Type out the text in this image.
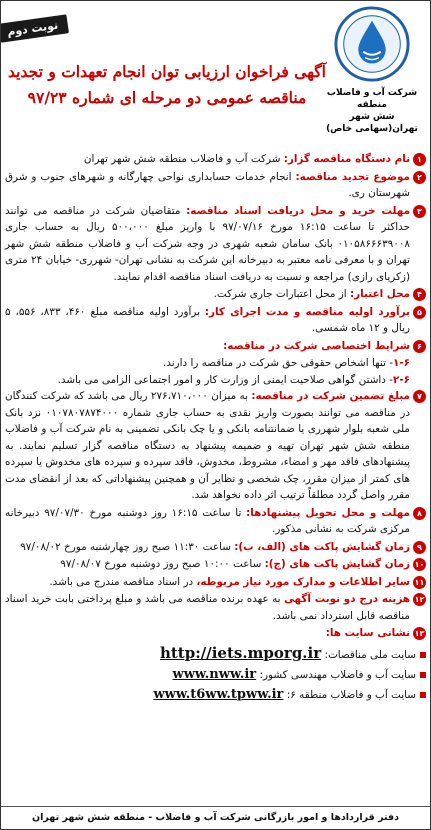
نوبت دوم
شرکت آب و فاضلاب منطقه
شش شهر تهران(سهامی خاص)
آگهی فراخوان ارزیابی توان انجام تعهدات و تجدید
مناقصه عمومی دو مرحله ای شماره ۹۷/۲۳
۱
نام دستگاه مناقصه گزار: شرکت آب و فاضلاب منطقه شش شهر تهران
۲
موضوع تجدید مناقصه: انجام خدمات حسابداری نواحی چهارگانه و شهرهای جنوب و شرق شهرستان ری.
۳
مهلت خرید و محل دریافت اسناد مناقصه: متقاضیان شرکت در مناقصه می توانند حداکثر تا ساعت ۱۶:۱۵ مورخ ۹۷/۰۷/۱۶ با واریز مبلغ ۵۰۰،۰۰۰ ریال به حساب جاری ۰۱۰۵۸۶۶۶۳۹۰۰۸ بانک سامان شعبه شهری در وجه شرکت آب و فاضلاب منطقه شش شهر تهران و با معرفی نامه معتبر به دبیرخانه این شرکت به نشانی تهران- شهرری- خیابان ۲۴ متری (زکریای رازی) مراجعه و نسبت به دریافت اسناد مناقصه اقدام نمایند.
۴
محل اعتبار: از محل اعتبارات جاری شرکت.
۵
برآورد اولیه مناقصه و مدت اجرای کار: برآورد اولیه مناقصه مبلغ ۴۶۰، ۸۳۳، ۵۵۶، ۵ ریال و ۱۲ ماه شمسی.
۶
شرایط اختصاصی شرکت در مناقصه:
۱-۶- تنها اشخاص حقوقی حق شرکت در مناقصه را دارند.
۲-۶- داشتن گواهی صلاحیت ایمنی از وزارت کار و امور اجتماعی الزامی می باشد.
۷
مبلغ تضمین شرکت در مناقصه: به میزان ۲۷۶،۷۱۰،۰۰۰ ریال می باشد که شرکت کنندگان در مناقصه می توانند بصورت واریز نقدی به حساب جاری شماره ۰۱۰۷۸۰۷۸۷۴۰۰۰ نزد بانک ملی شعبه بلوار شهرری یا ضمانتنامه بانکی و یا چک بانکی تضمینی به نام شرکت آب و فاضلاب منطقه شش شهر تهران تهیه و ضمیمه پیشنهاد به دستگاه مناقصه گزار تسلیم نمایند. به پیشنهادهای فاقد مهر و امضاء، مشروط، مخدوش، فاقد سپرده و سپرده های مخدوش یا سپرده های کمتر از میزان مقرر، چک شخصی و نظایر آن و همچنین پیشنهاداتی که بعد از انقضای مدت مقرر واصل گردد مطلقاً ترتیب اثر داده نخواهد شد.
۸
مهلت و محل تحویل پیشنهادها: تا ساعت ۱۶:۱۵ روز دوشنبه مورخ ۹۷/۰۷/۳۰ دبیرخانه مرکزی شرکت به نشانی مذکور.
۹
زمان گشایش پاکت های (الف، ب): ساعت ۱۱:۳۰ صبح روز چهارشنبه مورخ ۹۷/۰۸/۰۲
۱۰
زمان گشایش پاکت های (ج): ساعت ۱۰:۰۰ صبح روز دوشنبه مورخ ۹۷/۰۸/۰۷
۱۱
سایر اطلاعات و مدارک مورد نیاز مربوطه، در اسناد مناقصه مندرج می باشد.
۱۲
هزینه درج دو نوبت آگهی به عهده برنده مناقصه می باشد و مبلغ پرداختی بابت خرید اسناد مناقصه قابل استرداد نمی باشد.
۱۳
نشانی سایت ها:
سایت ملی مناقصات: http://iets.mporg.ir
سایت آب و فاضلاب مهندسی کشور: www.nww.ir
سایت آب و فاضلاب منطقه ۶: www.t6ww.tpww.ir
دفتر قراردادها و امور بازرگانی شرکت آب و فاضلاب - منطقه شش شهر تهران
